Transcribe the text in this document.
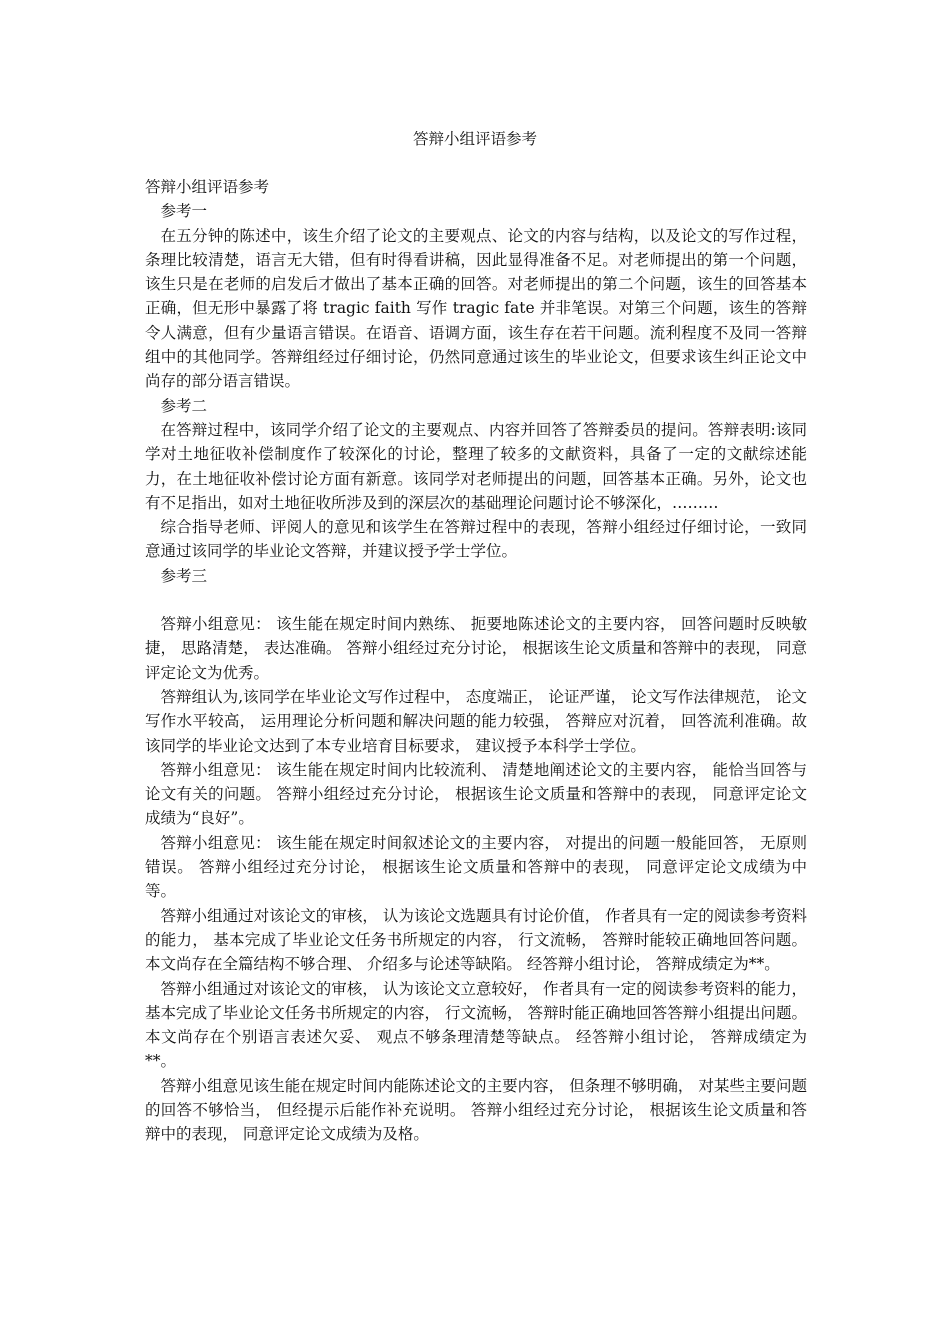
答辩小组评语参考

答辩小组评语参考

参考一

在五分钟的陈述中，该生介绍了论文的主要观点、论文的内容与结构，以及论文的写作过程，条理比较清楚，语言无大错，但有时得看讲稿，因此显得准备不足。对老师提出的第一个问题，该生只是在老师的启发后才做出了基本正确的回答。对老师提出的第二个问题，该生的回答基本正确，但无形中暴露了将 tragic faith 写作 tragic fate 并非笔误。对第三个问题，该生的答辩令人满意，但有少量语言错误。在语音、语调方面，该生存在若干问题。流利程度不及同一答辩组中的其他同学。答辩组经过仔细讨论，仍然同意通过该生的毕业论文，但要求该生纠正论文中尚存的部分语言错误。

参考二

在答辩过程中，该同学介绍了论文的主要观点、内容并回答了答辩委员的提问。答辩表明:该同学对土地征收补偿制度作了较深化的讨论，整理了较多的文献资料，具备了一定的文献综述能力，在土地征收补偿讨论方面有新意。该同学对老师提出的问题，回答基本正确。另外，论文也有不足指出，如对土地征收所涉及到的深层次的基础理论问题讨论不够深化，………

综合指导老师、评阅人的意见和该学生在答辩过程中的表现，答辩小组经过仔细讨论，一致同意通过该同学的毕业论文答辩，并建议授予学士学位。

参考三

答辩小组意见： 该生能在规定时间内熟练、 扼要地陈述论文的主要内容， 回答问题时反映敏捷， 思路清楚， 表达准确。 答辩小组经过充分讨论， 根据该生论文质量和答辩中的表现， 同意评定论文为优秀。

答辩组认为,该同学在毕业论文写作过程中， 态度端正， 论证严谨， 论文写作法律规范， 论文写作水平较高， 运用理论分析问题和解决问题的能力较强， 答辩应对沉着， 回答流利准确。故该同学的毕业论文达到了本专业培育目标要求， 建议授予本科学士学位。

答辩小组意见： 该生能在规定时间内比较流利、 清楚地阐述论文的主要内容， 能恰当回答与论文有关的问题。 答辩小组经过充分讨论， 根据该生论文质量和答辩中的表现， 同意评定论文成绩为“良好”。

答辩小组意见： 该生能在规定时间叙述论文的主要内容， 对提出的问题一般能回答， 无原则错误。 答辩小组经过充分讨论， 根据该生论文质量和答辩中的表现， 同意评定论文成绩为中等。

答辩小组通过对该论文的审核， 认为该论文选题具有讨论价值， 作者具有一定的阅读参考资料的能力， 基本完成了毕业论文任务书所规定的内容， 行文流畅， 答辩时能较正确地回答问题。 本文尚存在全篇结构不够合理、 介绍多与论述等缺陷。 经答辩小组讨论， 答辩成绩定为**。

答辩小组通过对该论文的审核， 认为该论文立意较好， 作者具有一定的阅读参考资料的能力， 基本完成了毕业论文任务书所规定的内容， 行文流畅， 答辩时能正确地回答答辩小组提出问题。 本文尚存在个别语言表述欠妥、 观点不够条理清楚等缺点。 经答辩小组讨论， 答辩成绩定为**。

答辩小组意见该生能在规定时间内能陈述论文的主要内容， 但条理不够明确， 对某些主要问题的回答不够恰当， 但经提示后能作补充说明。 答辩小组经过充分讨论， 根据该生论文质量和答辩中的表现， 同意评定论文成绩为及格。
